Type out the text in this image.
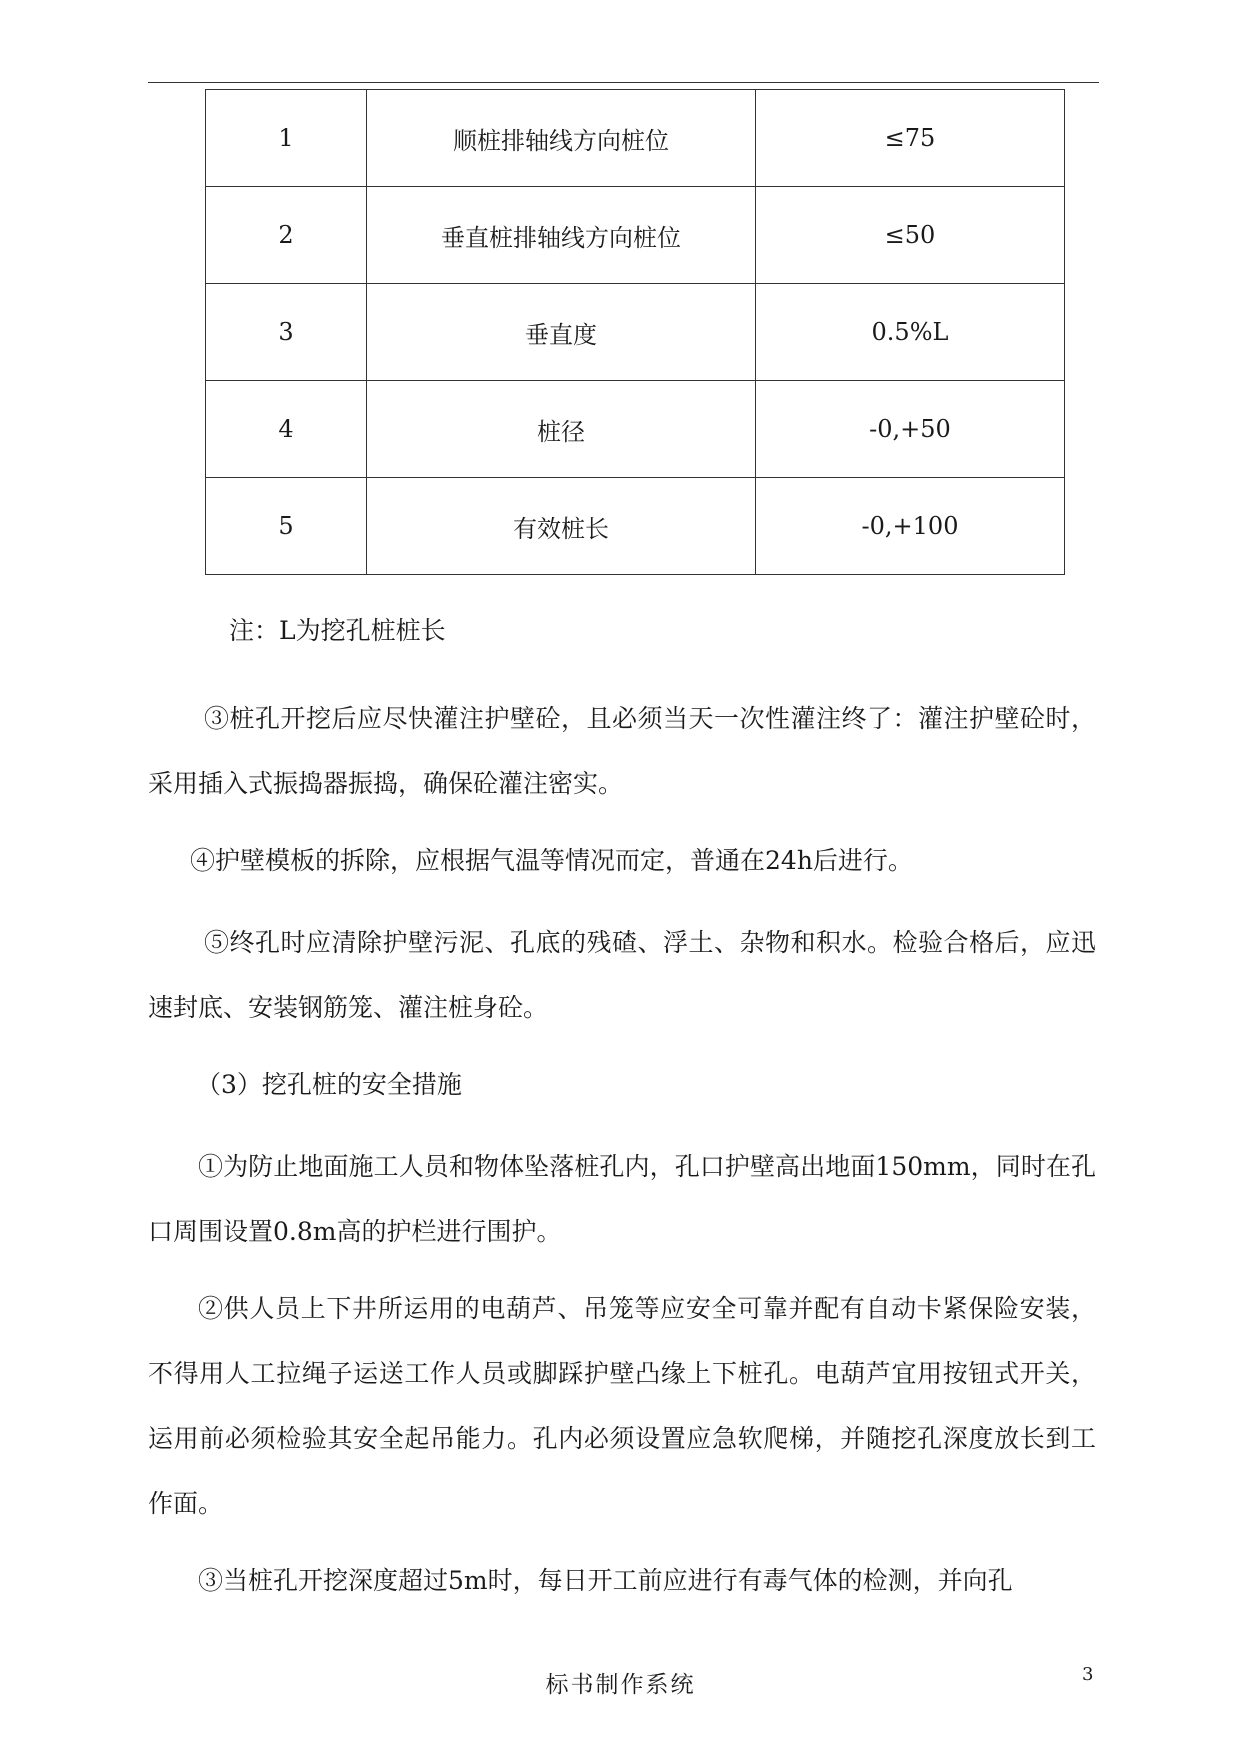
1	顺桩排轴线方向桩位	≤75
2	垂直桩排轴线方向桩位	≤50
3	垂直度	0.5%L
4	桩径	-0,+50
5	有效桩长	-0,+100

注：L为挖孔桩桩长

③桩孔开挖后应尽快灌注护壁砼，且必须当天一次性灌注终了：灌注护壁砼时，采用插入式振捣器振捣，确保砼灌注密实。

④护壁模板的拆除，应根据气温等情况而定，普通在24h后进行。

⑤终孔时应清除护壁污泥、孔底的残碴、浮土、杂物和积水。检验合格后，应迅速封底、安装钢筋笼、灌注桩身砼。

（3）挖孔桩的安全措施

①为防止地面施工人员和物体坠落桩孔内，孔口护壁高出地面150mm，同时在孔口周围设置0.8m高的护栏进行围护。

②供人员上下井所运用的电葫芦、吊笼等应安全可靠并配有自动卡紧保险安装，不得用人工拉绳子运送工作人员或脚踩护壁凸缘上下桩孔。电葫芦宜用按钮式开关，运用前必须检验其安全起吊能力。孔内必须设置应急软爬梯，并随挖孔深度放长到工作面。

③当桩孔开挖深度超过5m时，每日开工前应进行有毒气体的检测，并向孔

标书制作系统	3
